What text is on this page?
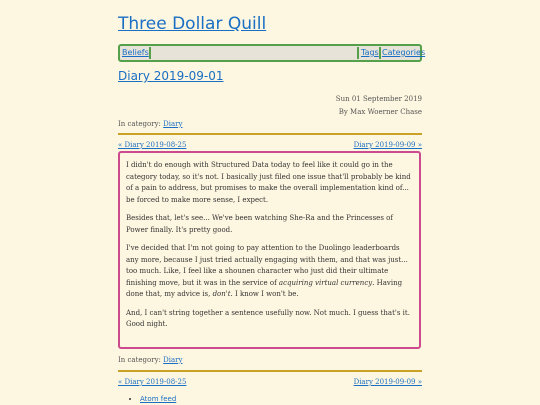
Three Dollar Quill
Beliefs	Tags Categories
Diary 2019-09-01
Sun 01 September 2019
By Max Woerner Chase
In category: Diary
« Diary 2019-08-25	Diary 2019-09-09 »

I didn't do enough with Structured Data today to feel like it could go in the category today, so it's not. I basically just filed one issue that'll probably be kind of a pain to address, but promises to make the overall implementation kind of... be forced to make more sense, I expect.

Besides that, let's see... We've been watching She-Ra and the Princesses of Power finally. It's pretty good.

I've decided that I'm not going to pay attention to the Duolingo leaderboards any more, because I just tried actually engaging with them, and that was just... too much. Like, I feel like a shounen character who just did their ultimate finishing move, but it was in the service of acquiring virtual currency. Having done that, my advice is, don't. I know I won't be.

And, I can't string together a sentence usefully now. Not much. I guess that's it. Good night.

In category: Diary
« Diary 2019-08-25	Diary 2019-09-09 »
• Atom feed
